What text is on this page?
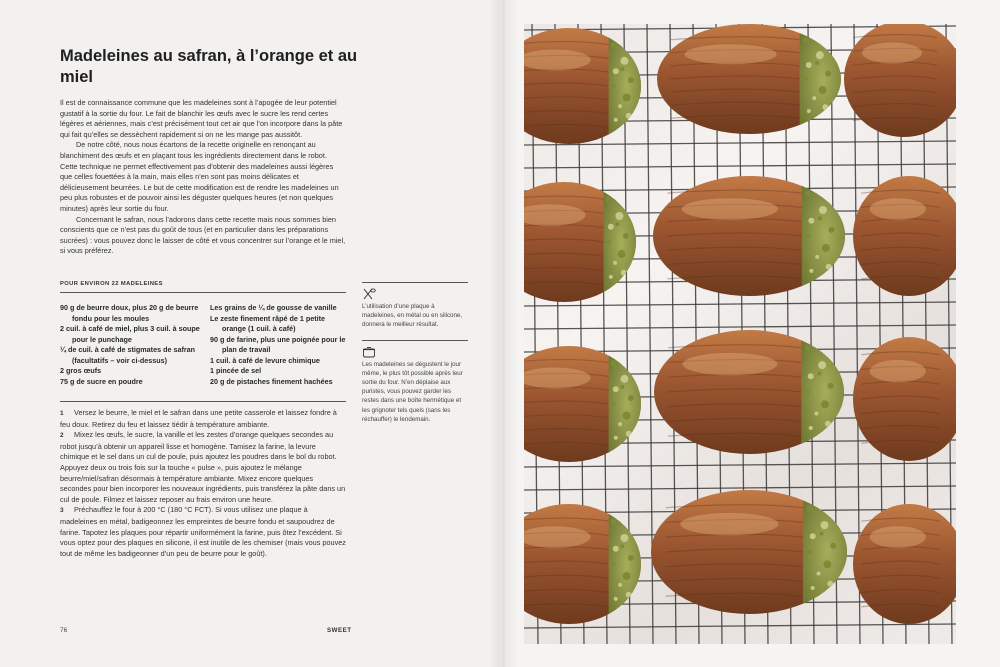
Madeleines au safran, à l’orange et au miel

Il est de connaissance commune que les madeleines sont à l’apogée de leur potentiel gustatif à la sortie du four. Le fait de blanchir les œufs avec le sucre les rend certes légères et aériennes, mais c’est précisément tout cet air que l’on incorpore dans la pâte qui fait qu’elles se dessèchent rapidement si on ne les mange pas aussitôt.

De notre côté, nous nous écartons de la recette originelle en renonçant au blanchiment des œufs et en plaçant tous les ingrédients directement dans le robot. Cette technique ne permet effectivement pas d’obtenir des madeleines aussi légères que celles fouettées à la main, mais elles n’en sont pas moins délicates et délicieusement beurrées. Le but de cette modification est de rendre les madeleines un peu plus robustes et de pouvoir ainsi les déguster quelques heures (et non quelques minutes) après leur sortie du four.

Concernant le safran, nous l’adorons dans cette recette mais nous sommes bien conscients que ce n’est pas du goût de tous (et en particulier dans les préparations sucrées) : vous pouvez donc le laisser de côté et vous concentrer sur l’orange et le miel, si vous préférez.

POUR ENVIRON 22 MADELEINES
90 g de beurre doux, plus 20 g de beurre fondu pour les moules
2 cuil. à café de miel, plus 3 cuil. à soupe pour le punchage
¼ de cuil. à café de stigmates de safran (facultatifs – voir ci-dessus)
2 gros œufs
75 g de sucre en poudre
Les grains de ¼ de gousse de vanille
Le zeste finement râpé de 1 petite orange (1 cuil. à café)
90 g de farine, plus une poignée pour le plan de travail
1 cuil. à café de levure chimique
1 pincée de sel
20 g de pistaches finement hachées

1 Versez le beurre, le miel et le safran dans une petite casserole et laissez fondre à feu doux. Retirez du feu et laissez tiédir à température ambiante.

2 Mixez les œufs, le sucre, la vanille et les zestes d’orange quelques secondes au robot jusqu’à obtenir un appareil lisse et homogène. Tamisez la farine, la levure chimique et le sel dans un cul de poule, puis ajoutez les poudres dans le bol du robot. Appuyez deux ou trois fois sur la touche « pulse », puis ajoutez le mélange beurre/miel/safran désormais à température ambiante. Mixez encore quelques secondes pour bien incorporer les nouveaux ingrédients, puis transférez la pâte dans un cul de poule. Filmez et laissez reposer au frais environ une heure.

3 Préchauffez le four à 200 °C (180 °C FCT). Si vous utilisez une plaque à madeleines en métal, badigeonnez les empreintes de beurre fondu et saupoudrez de farine. Tapotez les plaques pour répartir uniformément la farine, puis ôtez l’excédent. Si vous optez pour des plaques en silicone, il est inutile de les chemiser (mais vous pouvez tout de même les badigeonner d’un peu de beurre pour le goût).

L’utilisation d’une plaque à madeleines, en métal ou en silicone, donnera le meilleur résultat.
Les madeleines se dégustent le jour même, le plus tôt possible après leur sortie du four. N’en déplaise aux puristes, vous pouvez garder les restes dans une boîte hermétique et les grignoter tels quels (sans les réchauffer) le lendemain.
76	SWEET
